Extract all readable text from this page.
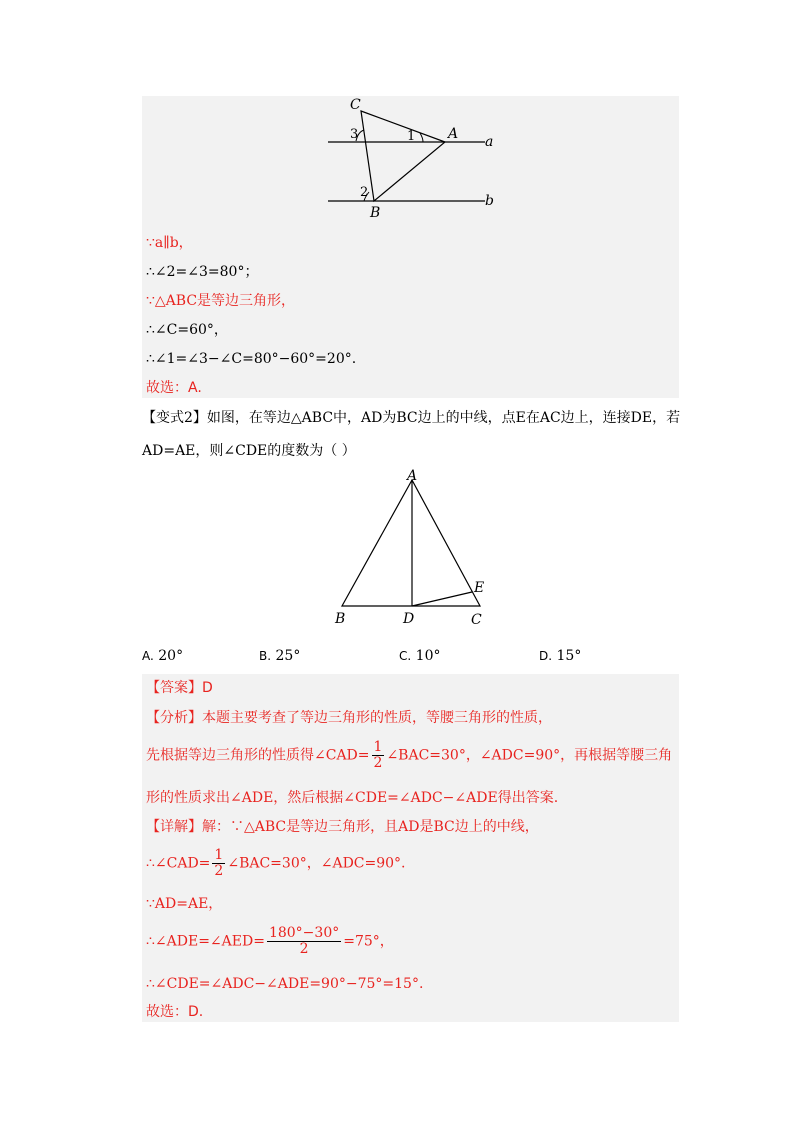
C
A
B
a
b
1
3
2
∵a∥b，
∴∠2=∠3=80°；
∵△ABC是等边三角形，
∴∠C=60°，
∴∠1=∠3−∠C=80°−60°=20°.
故选：A.
【变式2】如图，在等边△ABC中，AD为BC边上的中线，点E在AC边上，连接DE，若
AD=AE，则∠CDE的度数为（ ）
A
B	D	C
E
A. 20°	B. 25°	C. 10°	D. 15°
【答案】D
【分析】本题主要考查了等边三角形的性质，等腰三角形的性质，
先根据等边三角形的性质得∠CAD= $\frac{1}{2}$ ∠BAC=30°，∠ADC=90°，再根据等腰三角
形的性质求出∠ADE，然后根据∠CDE=∠ADC−∠ADE得出答案.
【详解】解：∵△ABC是等边三角形，且AD是BC边上的中线，
∴∠CAD= $\frac{1}{2}$ ∠BAC=30°，∠ADC=90°.
∵AD=AE，
∴∠ADE=∠AED= $\frac{180^\circ-30^\circ}{2} =75^\circ$，
∴∠CDE=∠ADC−∠ADE=90°−75°=15°.
故选：D.
